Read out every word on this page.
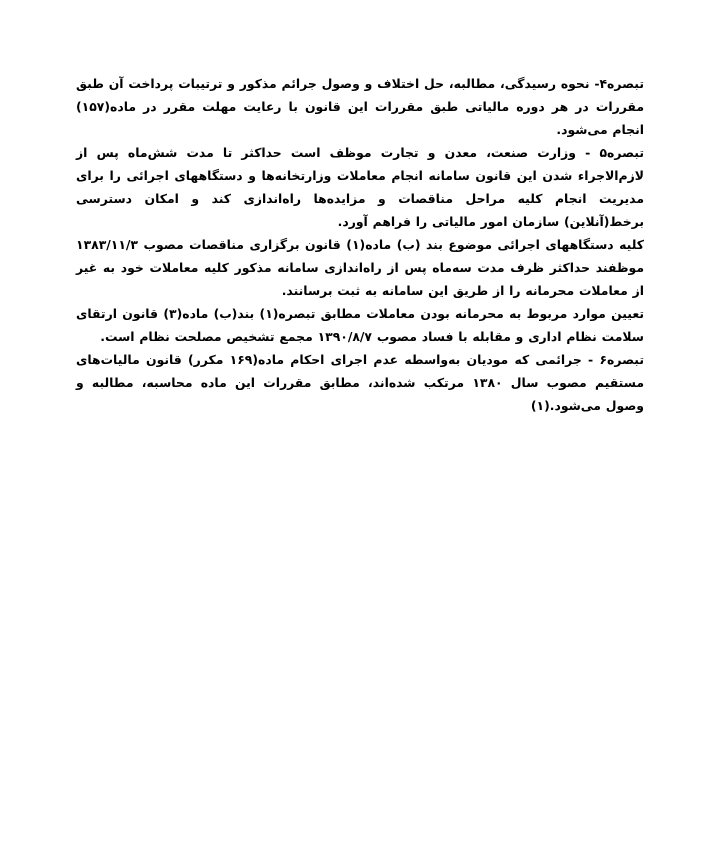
تبصره۴- نحوه رسیدگی، مطالبه، حل اختلاف و وصول جرائم مذکور و ترتیبات پرداخت آن طبق مقررات در هر دوره مالیاتی طبق مقررات این قانون با رعایت مهلت مقرر در ماده(۱۵۷) انجام می‌شود.

تبصره۵ - وزارت صنعت، معدن و تجارت موظف است حداکثر تا مدت شش‌ماه پس از لازم‌الاجراء شدن این قانون سامانه انجام معاملات وزارتخانه‌ها و دستگاههای اجرائی را برای مدیریت انجام کلیه مراحل مناقصات و مزایده‌ها راه‌اندازی کند و امکان دسترسی برخط(آنلاین) سازمان امور مالیاتی را فراهم آورد.

کلیه دستگاههای اجرائی موضوع بند (ب) ماده(۱) قانون برگزاری مناقصات مصوب ۱۳۸۳/۱۱/۳ موظفند حداکثر ظرف مدت سه‌ماه پس از راه‌اندازی سامانه مذکور کلیه معاملات خود به غیر از معاملات محرمانه را از طریق این سامانه به ثبت برسانند.

تعیین موارد مربوط به محرمانه بودن معاملات مطابق تبصره(۱) بند(ب) ماده(۳) قانون ارتقای سلامت نظام اداری و مقابله با فساد مصوب ۱۳۹۰/۸/۷ مجمع تشخیص مصلحت نظام است.

تبصره۶ - جرائمی که مودیان به‌واسطه عدم اجرای احکام ماده(۱۶۹ مکرر) قانون مالیات‌های مستقیم مصوب سال ۱۳۸۰ مرتکب شده‌اند، مطابق مقررات این ماده محاسبه، مطالبه و وصول می‌شود.(۱)
